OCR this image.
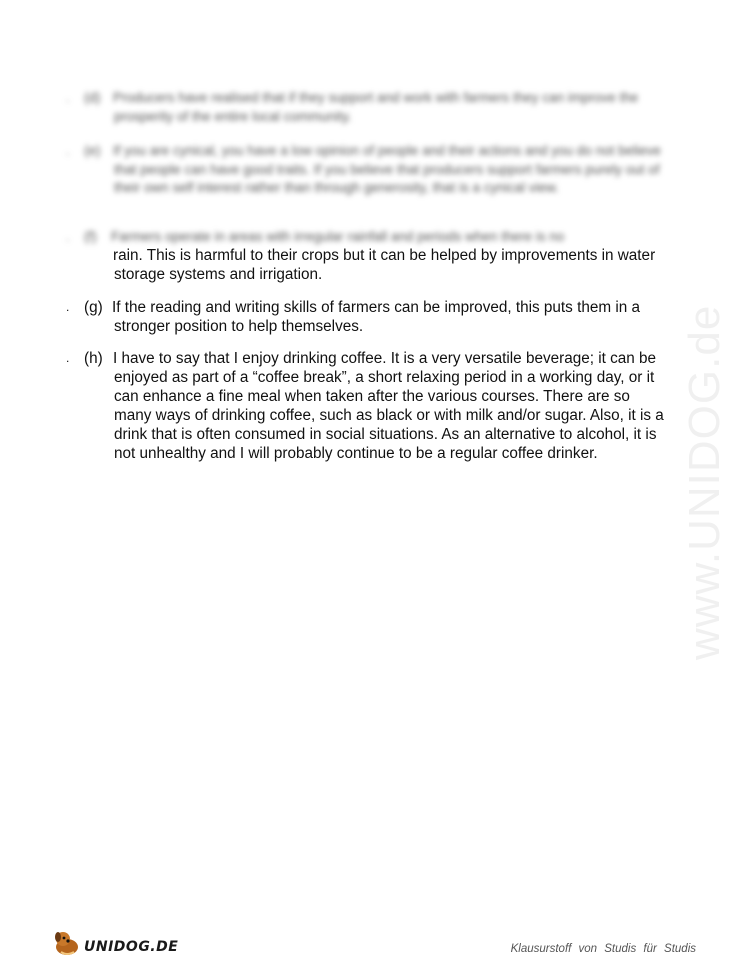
. (d) Producers have realised that if they support and work with farmers they can improve the prosperity of the entire local community.
. (e) If you are cynical, you have a low opinion of people and their actions and you do not believe that people can have good traits. If you believe that producers support farmers purely out of their own self interest rather than through generosity, that is a cynical view.
. (f) Farmers operate in areas with irregular rainfall and periods when there is no
rain. This is harmful to their crops but it can be helped by improvements in water storage systems and irrigation.
. (g) If the reading and writing skills of farmers can be improved, this puts them in a stronger position to help themselves.
. (h) I have to say that I enjoy drinking coffee. It is a very versatile beverage; it can be enjoyed as part of a “coffee break”, a short relaxing period in a working day, or it can enhance a fine meal when taken after the various courses. There are so many ways of drinking coffee, such as black or with milk and/or sugar. Also, it is a drink that is often consumed in social situations. As an alternative to alcohol, it is not unhealthy and I will probably continue to be a regular coffee drinker.	www.UNIDOG.de
UNIDOG.DE	Klausurstoff von Studis für Studis
